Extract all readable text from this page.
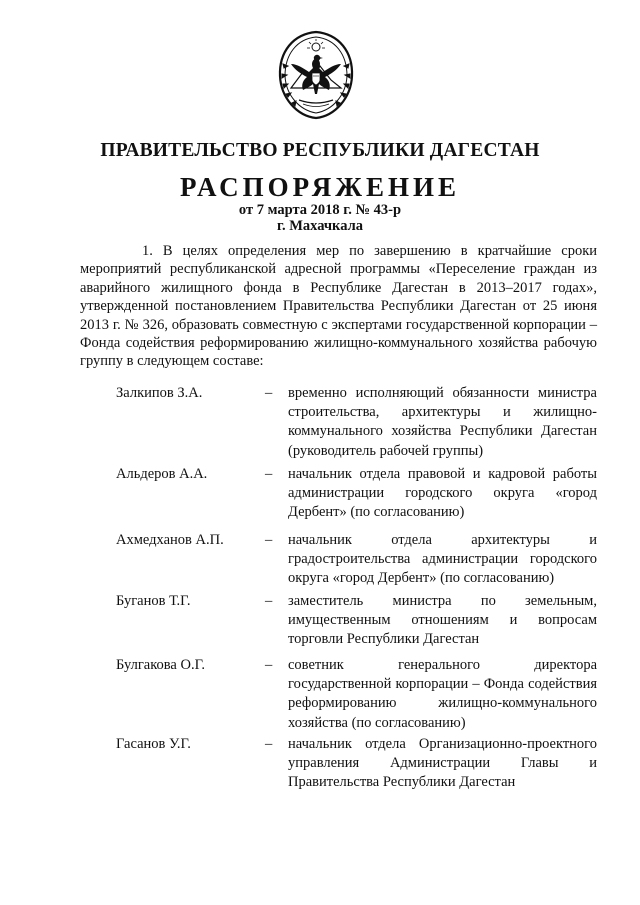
ПРАВИТЕЛЬСТВО РЕСПУБЛИКИ ДАГЕСТАН
РАСПОРЯЖЕНИЕ
от 7 марта 2018 г. № 43-р
г. Махачкала
1. В целях определения мер по завершению в кратчайшие сроки мероприятий республиканской адресной программы «Переселение граждан из аварийного жилищного фонда в Республике Дагестан в 2013–2017 годах», утвержденной постановлением Правительства Республики Дагестан от 25 июня 2013 г. № 326, образовать совместную с экспертами государственной корпорации – Фонда содействия реформированию жилищно-коммунального хозяйства рабочую группу в следующем составе:
Залкипов З.А.	– временно исполняющий обязанности министра строительства, архитектуры и жилищно-коммунального хозяйства Республики Дагестан (руководитель рабочей группы)
Альдеров А.А.	– начальник отдела правовой и кадровой работы администрации городского округа «город Дербент» (по согласованию)
Ахмедханов А.П.	– начальник отдела архитектуры и градостроительства администрации городского округа «город Дербент» (по согласованию)
Буганов Т.Г.	– заместитель министра по земельным, имущественным отношениям и вопросам торговли Республики Дагестан
Булгакова О.Г.	– советник генерального директора государственной корпорации – Фонда содействия реформированию жилищно-коммунального хозяйства (по согласованию)
Гасанов У.Г.	– начальник отдела Организационно-проектного управления Администрации Главы и Правительства Республики Дагестан
